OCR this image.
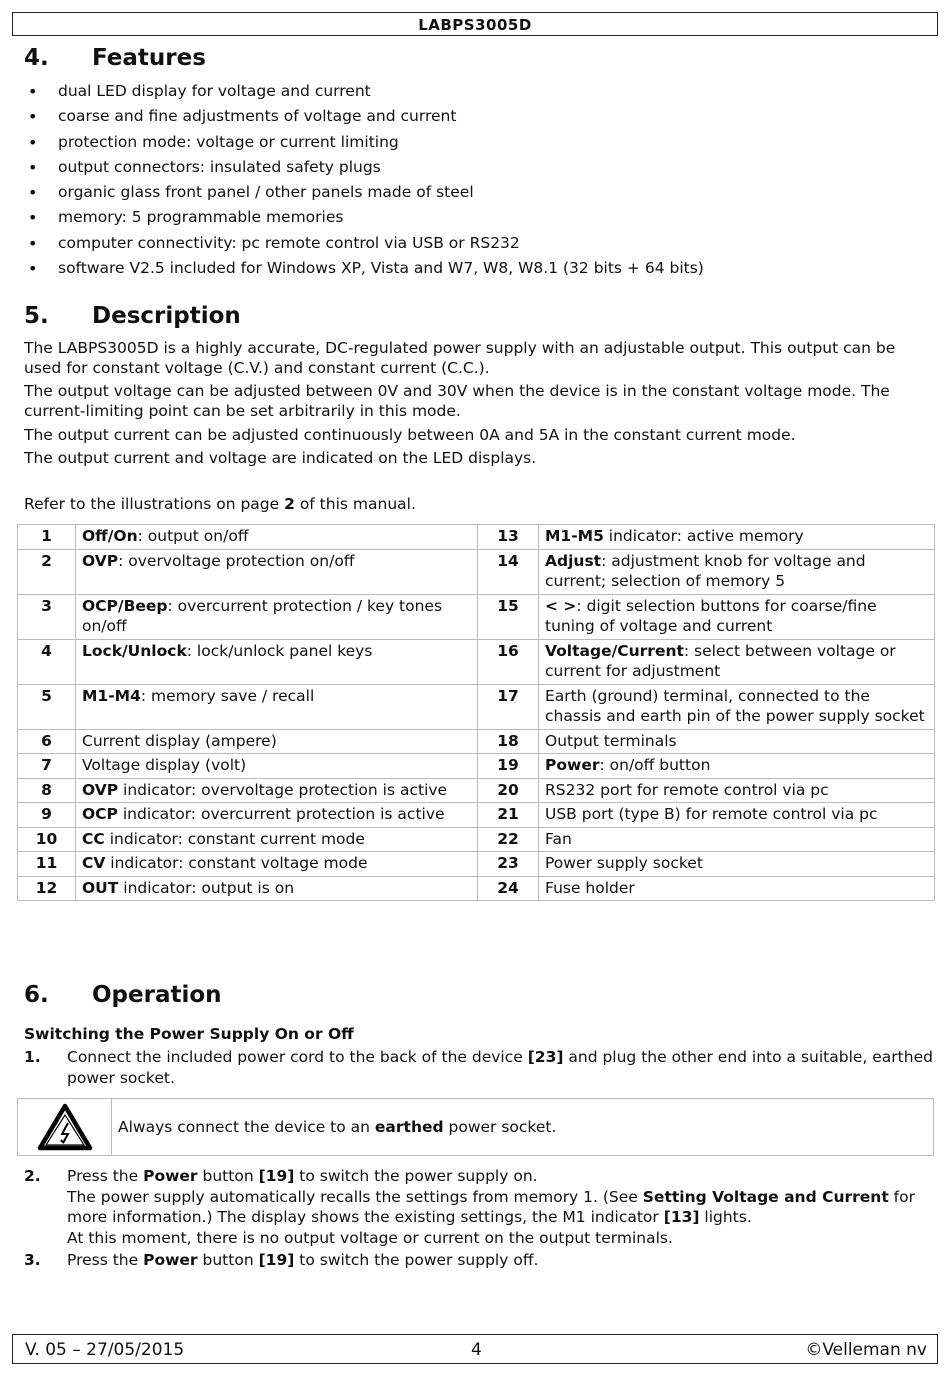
LABPS3005D
4. Features
• dual LED display for voltage and current
• coarse and fine adjustments of voltage and current
• protection mode: voltage or current limiting
• output connectors: insulated safety plugs
• organic glass front panel / other panels made of steel
• memory: 5 programmable memories
• computer connectivity: pc remote control via USB or RS232
• software V2.5 included for Windows XP, Vista and W7, W8, W8.1 (32 bits + 64 bits)
5. Description

The LABPS3005D is a highly accurate, DC-regulated power supply with an adjustable output. This output can be used for constant voltage (C.V.) and constant current (C.C.).

The output voltage can be adjusted between 0V and 30V when the device is in the constant voltage mode. The current-limiting point can be set arbitrarily in this mode.

The output current can be adjusted continuously between 0A and 5A in the constant current mode.

The output current and voltage are indicated on the LED displays.

Refer to the illustrations on page 2 of this manual.

1	Off/On: output on/off	13	M1-M5 indicator: active memory
2	OVP: overvoltage protection on/off	14	Adjust: adjustment knob for voltage and current; selection of memory 5
3	OCP/Beep: overcurrent protection / key tones on/off	15	< >: digit selection buttons for coarse/fine tuning of voltage and current
4	Lock/Unlock: lock/unlock panel keys	16	Voltage/Current: select between voltage or current for adjustment
5	M1-M4: memory save / recall	17	Earth (ground) terminal, connected to the chassis and earth pin of the power supply socket
6	Current display (ampere)	18	Output terminals
7	Voltage display (volt)	19	Power: on/off button
8	OVP indicator: overvoltage protection is active	20	RS232 port for remote control via pc
9	OCP indicator: overcurrent protection is active	21	USB port (type B) for remote control via pc
10	CC indicator: constant current mode	22	Fan
11	CV indicator: constant voltage mode	23	Power supply socket
12	OUT indicator: output is on	24	Fuse holder
6. Operation
Switching the Power Supply On or Off
1. Connect the included power cord to the back of the device [23] and plug the other end into a suitable, earthed power socket.
Always connect the device to an earthed power socket.
2. Press the Power button [19] to switch the power supply on.
The power supply automatically recalls the settings from memory 1. (See Setting Voltage and Current for more information.) The display shows the existing settings, the M1 indicator [13] lights.
At this moment, there is no output voltage or current on the output terminals.
3. Press the Power button [19] to switch the power supply off.
V. 05 – 27/05/2015	4	©Velleman nv
